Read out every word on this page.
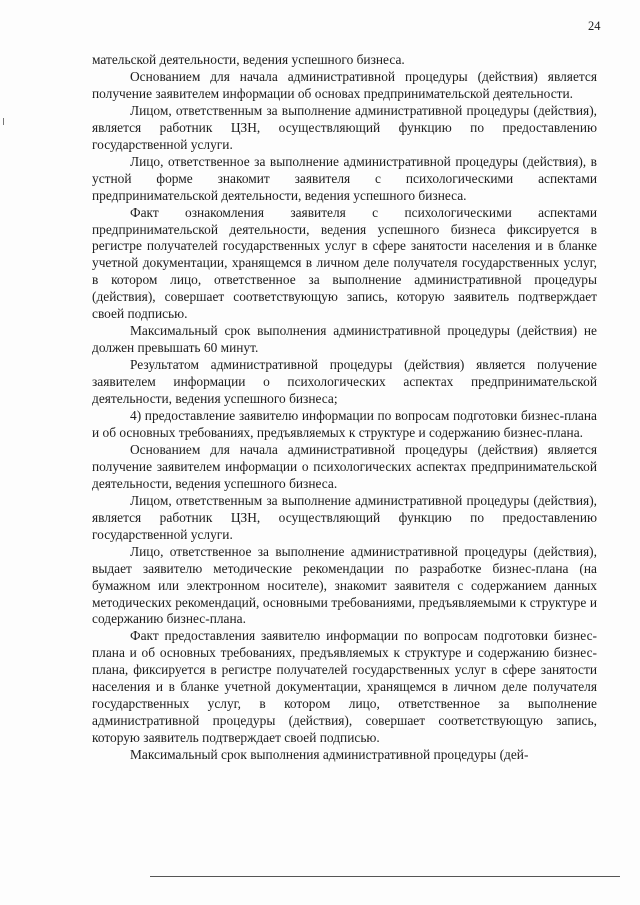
24

мательской деятельности, ведения успешного бизнеса.

Основанием для начала административной процедуры (действия) является получение заявителем информации об основах предпринимательской деятельности.

Лицом, ответственным за выполнение административной процедуры (действия), является работник ЦЗН, осуществляющий функцию по предоставлению государственной услуги.

Лицо, ответственное за выполнение административной процедуры (действия), в устной форме знакомит заявителя с психологическими аспектами предпринимательской деятельности, ведения успешного бизнеса.

Факт ознакомления заявителя с психологическими аспектами предпринимательской деятельности, ведения успешного бизнеса фиксируется в регистре получателей государственных услуг в сфере занятости населения и в бланке учетной документации, хранящемся в личном деле получателя государственных услуг, в котором лицо, ответственное за выполнение административной процедуры (действия), совершает соответствующую запись, которую заявитель подтверждает своей подписью.

Максимальный срок выполнения административной процедуры (действия) не должен превышать 60 минут.

Результатом административной процедуры (действия) является получение заявителем информации о психологических аспектах предпринимательской деятельности, ведения успешного бизнеса;

4) предоставление заявителю информации по вопросам подготовки бизнес-плана и об основных требованиях, предъявляемых к структуре и содержанию бизнес-плана.

Основанием для начала административной процедуры (действия) является получение заявителем информации о психологических аспектах предпринимательской деятельности, ведения успешного бизнеса.

Лицом, ответственным за выполнение административной процедуры (действия), является работник ЦЗН, осуществляющий функцию по предоставлению государственной услуги.

Лицо, ответственное за выполнение административной процедуры (действия), выдает заявителю методические рекомендации по разработке бизнес-плана (на бумажном или электронном носителе), знакомит заявителя с содержанием данных методических рекомендаций, основными требованиями, предъявляемыми к структуре и содержанию бизнес-плана.

Факт предоставления заявителю информации по вопросам подготовки бизнес-плана и об основных требованиях, предъявляемых к структуре и содержанию бизнес-плана, фиксируется в регистре получателей государственных услуг в сфере занятости населения и в бланке учетной документации, хранящемся в личном деле получателя государственных услуг, в котором лицо, ответственное за выполнение административной процедуры (действия), совершает соответствующую запись, которую заявитель подтверждает своей подписью.

Максимальный срок выполнения административной процедуры (дей-
